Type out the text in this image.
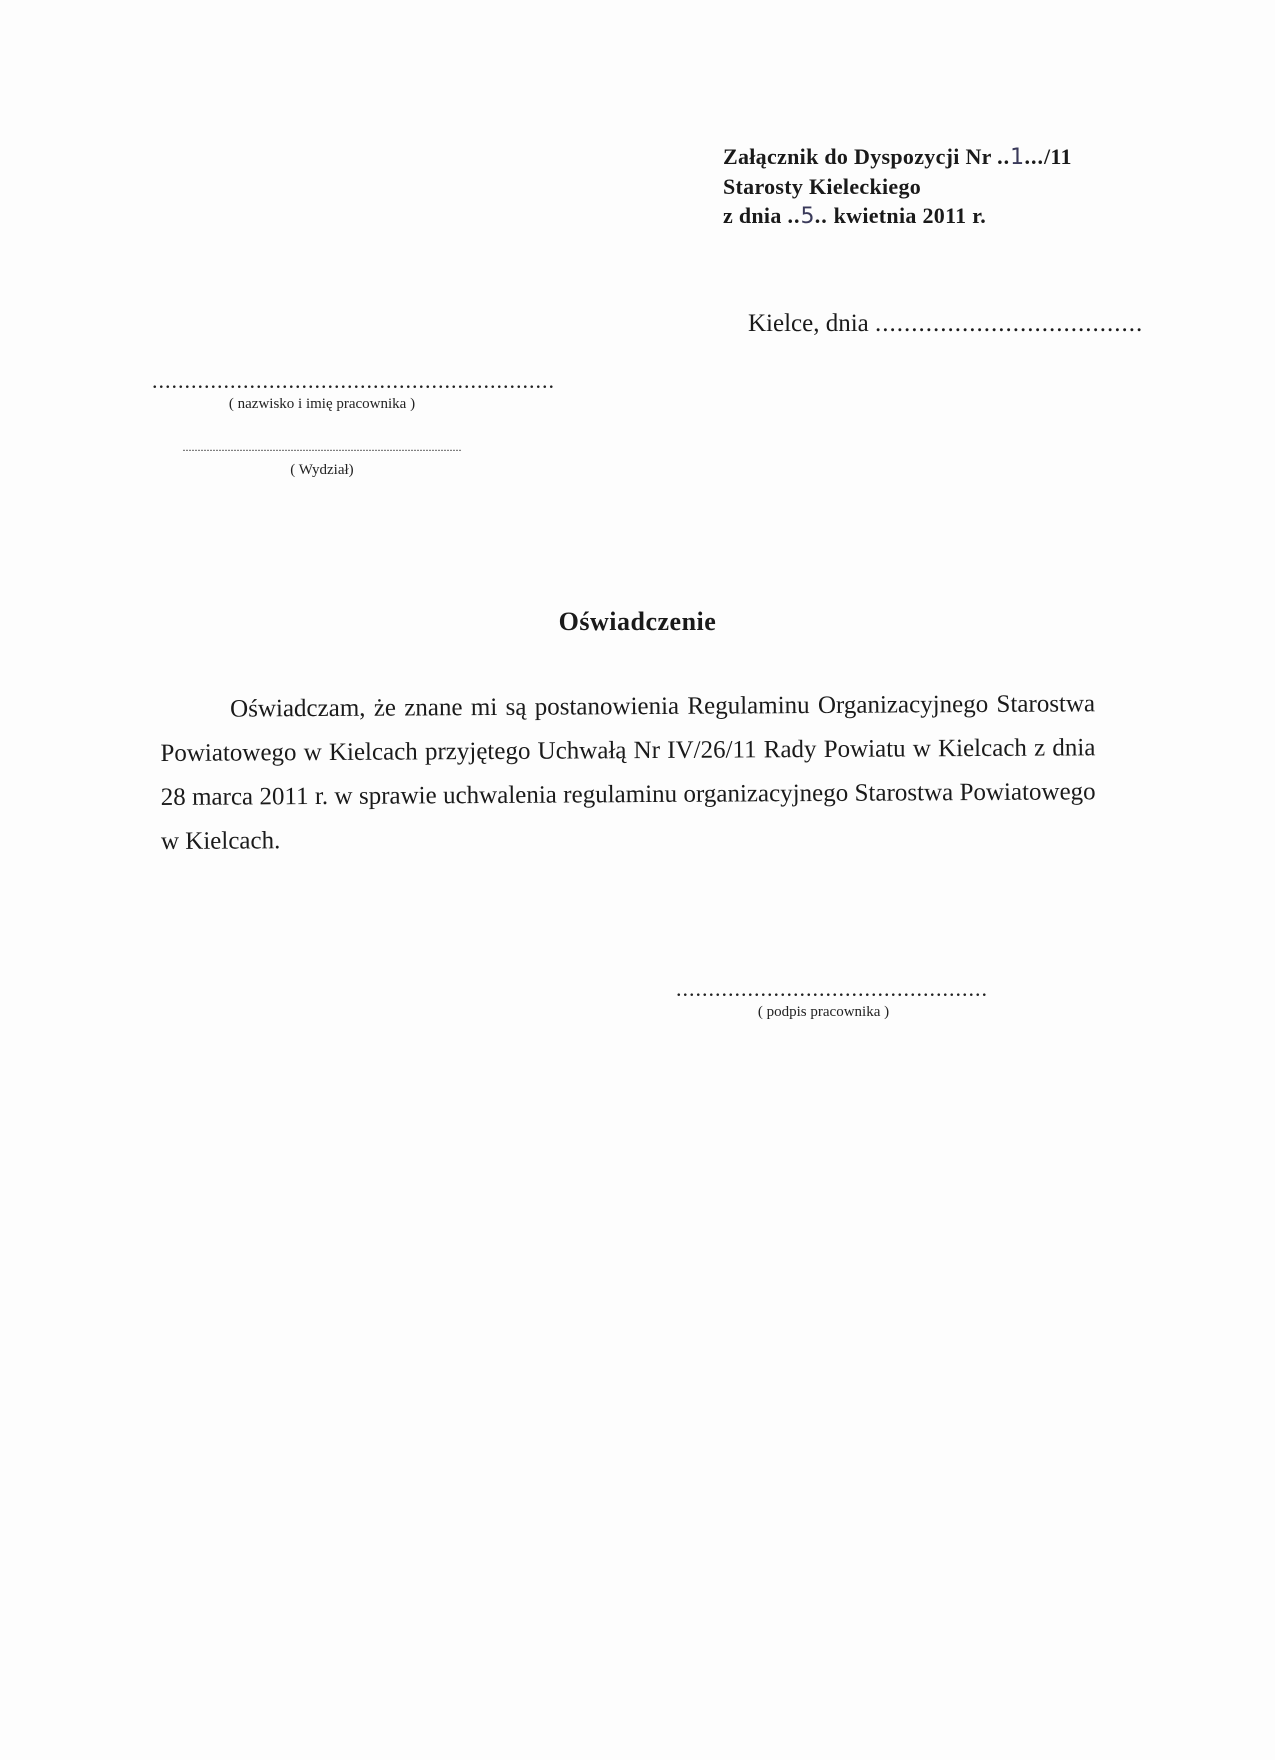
Załącznik do Dyspozycji Nr ..1.../11
Starosty Kieleckiego
z dnia ..5.. kwietnia 2011 r.
Kielce, dnia .....................................
..............................................................
( nazwisko i imię pracownika )
.............................................................................................
( Wydział)
Oświadczenie
Oświadczam, że znane mi są postanowienia Regulaminu Organizacyjnego Starostwa Powiatowego w Kielcach przyjętego Uchwałą Nr IV/26/11 Rady Powiatu w Kielcach z dnia 28 marca 2011 r. w sprawie uchwalenia regulaminu organizacyjnego Starostwa Powiatowego w Kielcach.
................................................
( podpis pracownika )
